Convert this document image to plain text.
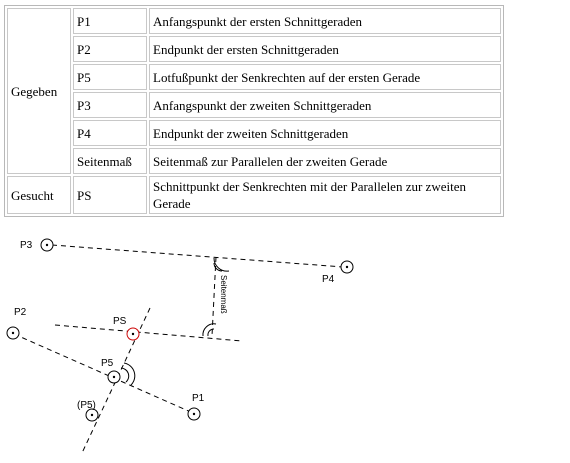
Gegeben	P1	Anfangspunkt der ersten Schnittgeraden
	P2	Endpunkt der ersten Schnittgeraden
	P5	Lotfußpunkt der Senkrechten auf der ersten Gerade
	P3	Anfangspunkt der zweiten Schnittgeraden
	P4	Endpunkt der zweiten Schnittgeraden
	Seitenmaß	Seitenmaß zur Parallelen der zweiten Gerade
Gesucht	PS	Schnittpunkt der Senkrechten mit der Parallelen zur zweiten Gerade
P3
P4
P2
PS
P5
(P5)
P1
Seitenmaß
